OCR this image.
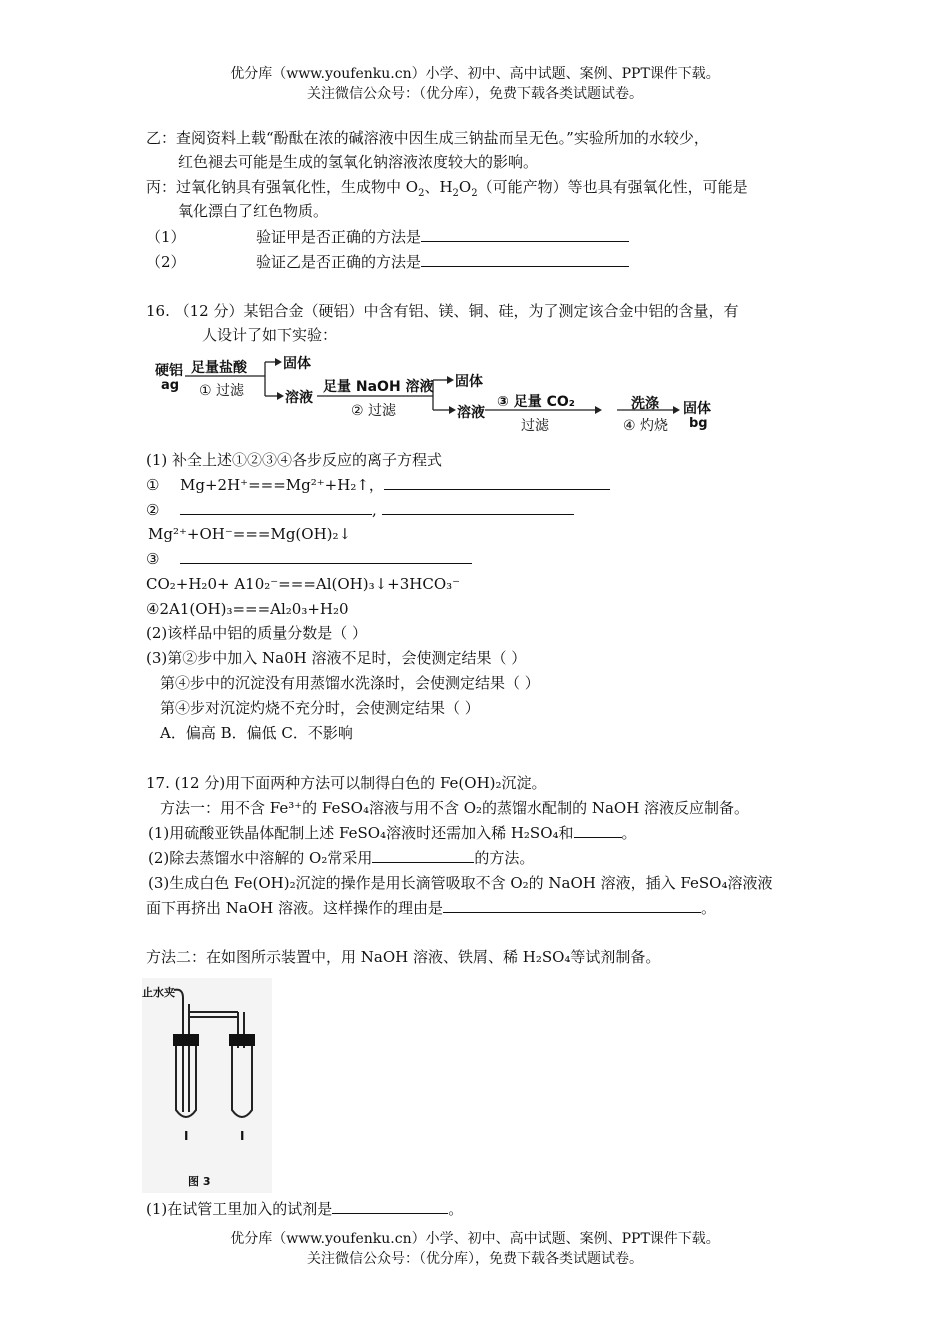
优分库（www.youfenku.cn）小学、初中、高中试题、案例、PPT课件下载。
关注微信公众号：（优分库），免费下载各类试题试卷。
乙：查阅资料上载“酚酞在浓的碱溶液中因生成三钠盐而呈无色。”实验所加的水较少，
红色褪去可能是生成的氢氧化钠溶液浓度较大的影响。
丙：过氧化钠具有强氧化性，生成物中 $O_2$、$H_2O_2$（可能产物）等也具有强氧化性，可能是
氧化漂白了红色物质。
（1）	验证甲是否正确的方法是
（2）	验证乙是否正确的方法是
16. （12 分）某铝合金（硬铝）中含有铝、镁、铜、硅，为了测定该合金中铝的含量，有
人设计了如下实验：
硬铝
ag
足量盐酸
① 过滤
固体
溶液
足量 NaOH 溶液
② 过滤
固体
溶液
③ 足量 CO₂
过滤
洗涤
④ 灼烧
固体
bg
(1) 补全上述①②③④各步反应的离子方程式
① Mg+2H⁺===Mg²⁺+H₂↑，
②	,
Mg²⁺+OH⁻===Mg(OH)₂↓
③
CO₂+H₂0+ A10₂⁻===Al(OH)₃↓+3HCO₃⁻
④2A1(OH)₃===Al₂0₃+H₂0
(2)该样品中铝的质量分数是（ ）
(3)第②步中加入 Na0H 溶液不足时，会使测定结果（ ）
第④步中的沉淀没有用蒸馏水洗涤时，会使测定结果（ ）
第④步对沉淀灼烧不充分时，会使测定结果（ ）
A．偏高 B．偏低 C．不影响
17. (12 分)用下面两种方法可以制得白色的 Fe(OH)₂沉淀。
方法一：用不含 Fe³⁺的 FeSO₄溶液与用不含 O₂的蒸馏水配制的 NaOH 溶液反应制备。
(1)用硫酸亚铁晶体配制上述 FeSO₄溶液时还需加入稀 H₂SO₄和	。
(2)除去蒸馏水中溶解的 O₂常采用	的方法。
(3)生成白色 Fe(OH)₂沉淀的操作是用长滴管吸取不含 O₂的 NaOH 溶液，插入 FeSO₄溶液液
面下再挤出 NaOH 溶液。这样操作的理由是	。
方法二：在如图所示装置中，用 NaOH 溶液、铁屑、稀 H₂SO₄等试剂制备。
止水夹
I	I
图 3
(1)在试管工里加入的试剂是	。
优分库（www.youfenku.cn）小学、初中、高中试题、案例、PPT课件下载。
关注微信公众号：（优分库），免费下载各类试题试卷。
